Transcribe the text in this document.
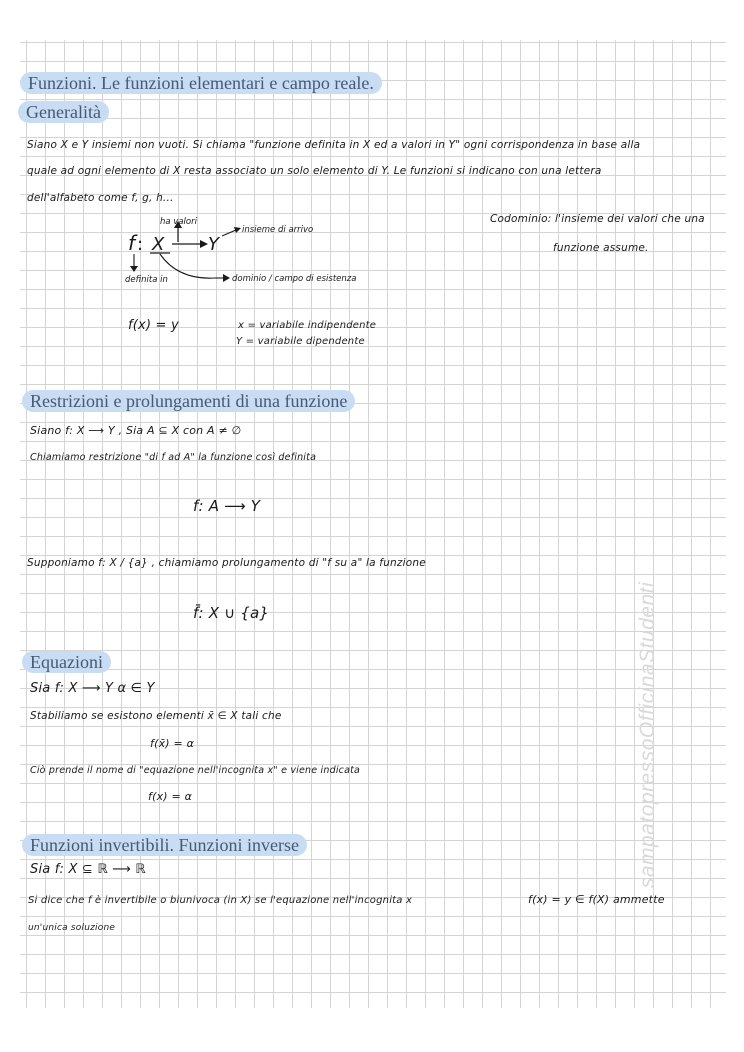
sampatopressoOfficinaStudenti
Funzioni. Le funzioni elementari e campo reale.
Generalità
Restrizioni e prolungamenti di una funzione
Equazioni
Funzioni invertibili. Funzioni inverse
Siano X e Y insiemi non vuoti. Si chiama "funzione definita in X ed a valori in Y" ogni corrispondenza in base alla
quale ad ogni elemento di X resta associato un solo elemento di Y. Le funzioni si indicano con una lettera
dell'alfabeto come f, g, h...
Codominio: l'insieme dei valori che una
funzione assume.
f : X Y
ha valori
insieme di arrivo
definita in	dominio / campo di esistenza
f(x) = y	x = variabile indipendente
Y = variabile dipendente
Siano f: X ⟶ Y , Sia A ⊆ X con A ≠ ∅
Chiamiamo restrizione "di f ad A" la funzione così definita
f: A ⟶ Y
Supponiamo f: X / {a} , chiamiamo prolungamento di "f su a" la funzione
f̄: X ∪ {a}
Sia f: X ⟶ Y α ∈ Y
Stabiliamo se esistono elementi x̄ ∈ X tali che
f(x̄) = α
Ciò prende il nome di "equazione nell'incognita x" e viene indicata
f(x) = α
Sia f: X ⊆ ℝ ⟶ ℝ
Si dice che f è invertibile o biunivoca (in X) se l'equazione nell'incognita x	f(x) = y ∈ f(X) ammette
un'unica soluzione
